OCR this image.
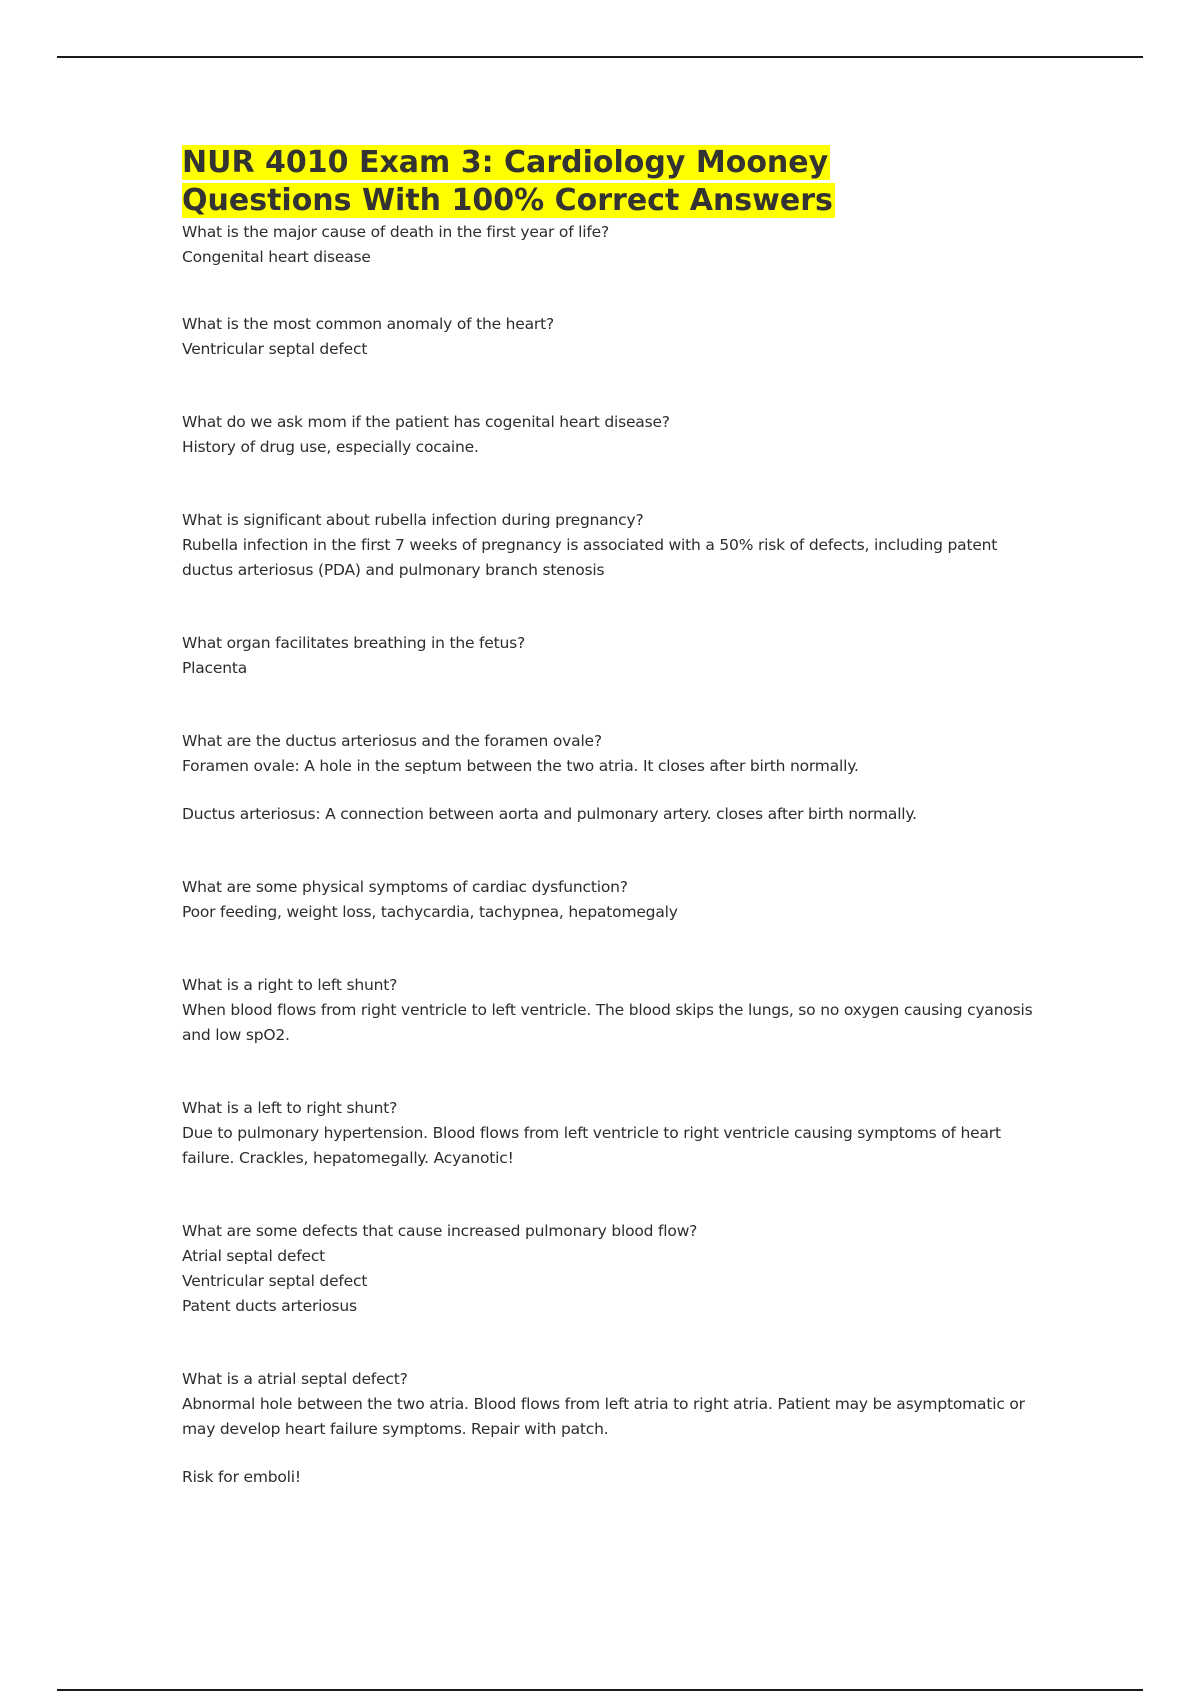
NUR 4010 Exam 3: Cardiology Mooney
Questions With 100% Correct Answers
What is the major cause of death in the first year of life?
Congenital heart disease
What is the most common anomaly of the heart?
Ventricular septal defect
What do we ask mom if the patient has cogenital heart disease?
History of drug use, especially cocaine.
What is significant about rubella infection during pregnancy?
Rubella infection in the first 7 weeks of pregnancy is associated with a 50% risk of defects, including patent ductus arteriosus (PDA) and pulmonary branch stenosis
What organ facilitates breathing in the fetus?
Placenta
What are the ductus arteriosus and the foramen ovale?
Foramen ovale: A hole in the septum between the two atria. It closes after birth normally.
Ductus arteriosus: A connection between aorta and pulmonary artery. closes after birth normally.
What are some physical symptoms of cardiac dysfunction?
Poor feeding, weight loss, tachycardia, tachypnea, hepatomegaly
What is a right to left shunt?
When blood flows from right ventricle to left ventricle. The blood skips the lungs, so no oxygen causing cyanosis and low spO2.
What is a left to right shunt?
Due to pulmonary hypertension. Blood flows from left ventricle to right ventricle causing symptoms of heart failure. Crackles, hepatomegally. Acyanotic!
What are some defects that cause increased pulmonary blood flow?
Atrial septal defect
Ventricular septal defect
Patent ducts arteriosus
What is a atrial septal defect?
Abnormal hole between the two atria. Blood flows from left atria to right atria. Patient may be asymptomatic or may develop heart failure symptoms. Repair with patch.
Risk for emboli!
